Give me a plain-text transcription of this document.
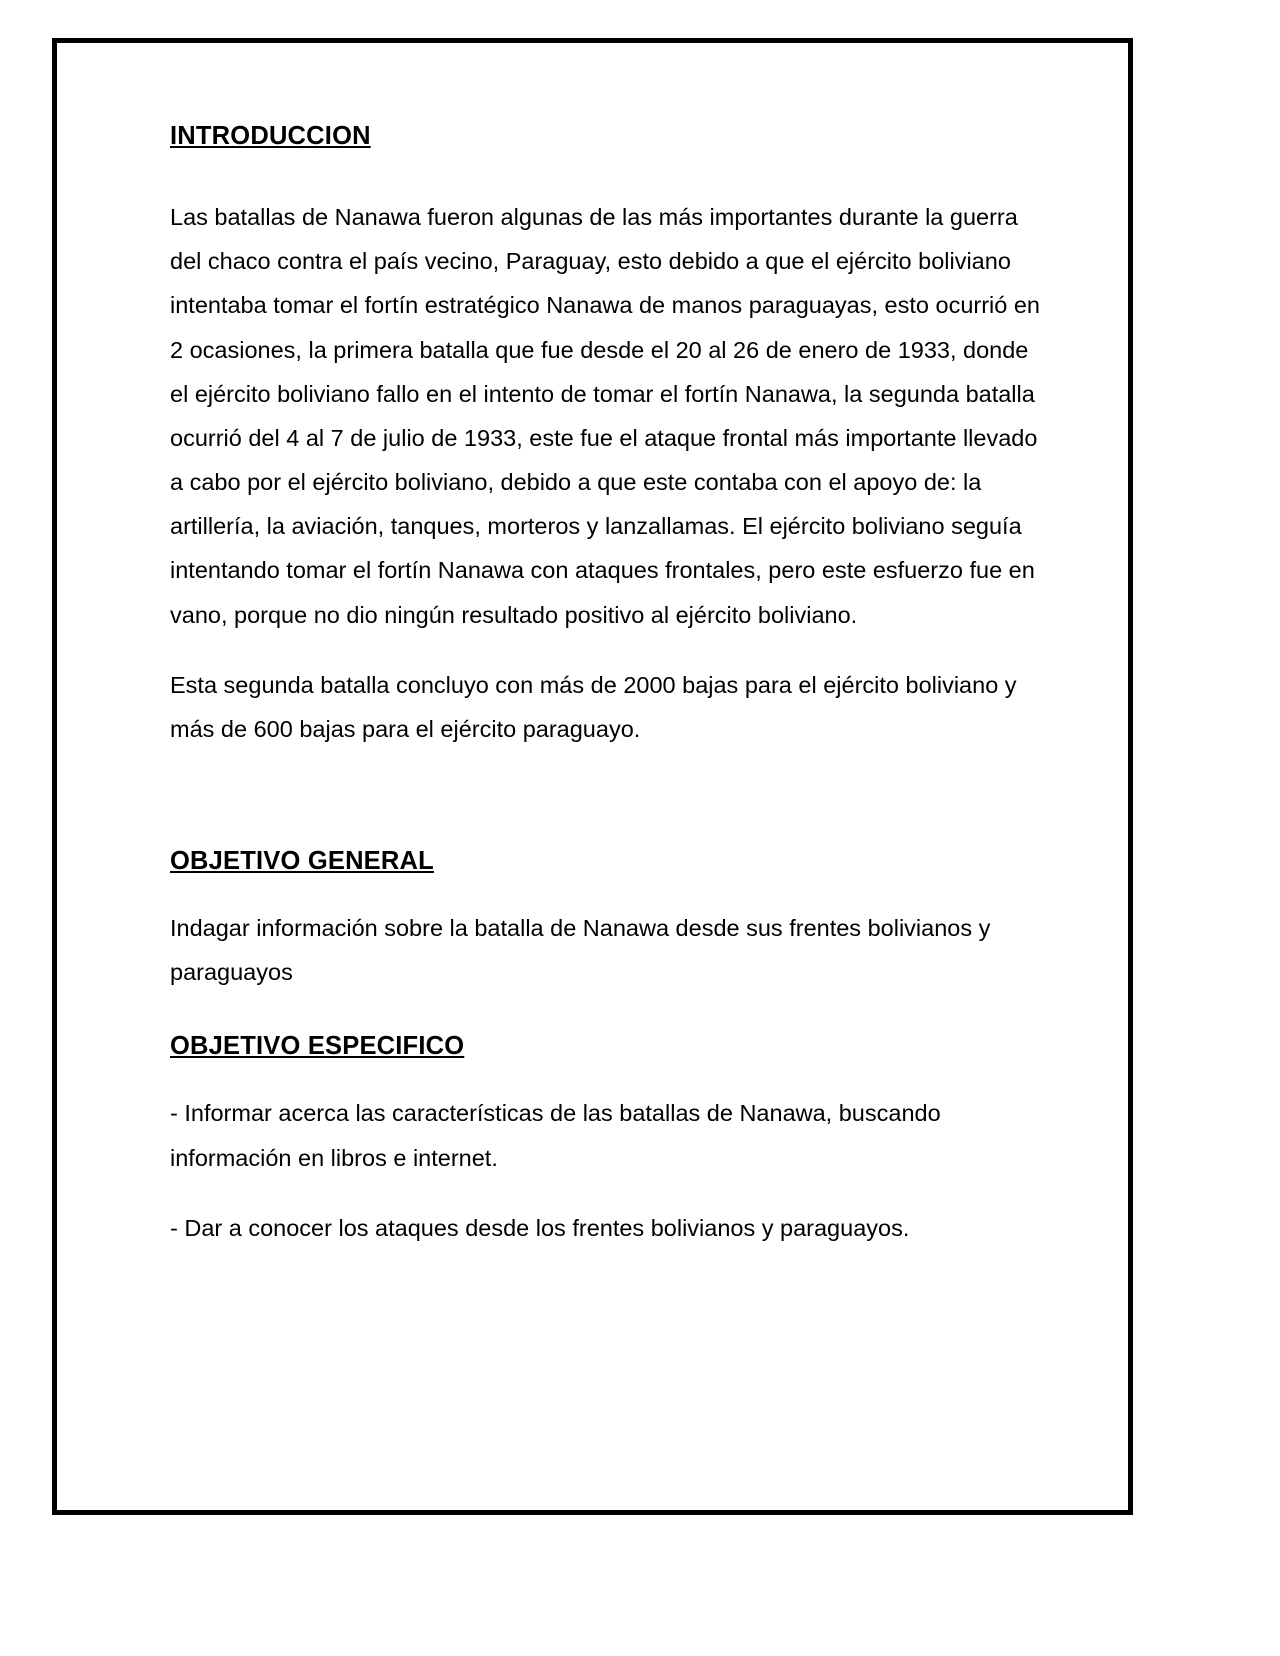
INTRODUCCION

Las batallas de Nanawa fueron algunas de las más importantes durante la guerra del chaco contra el país vecino, Paraguay, esto debido a que el ejército boliviano intentaba tomar el fortín estratégico Nanawa de manos paraguayas, esto ocurrió en 2 ocasiones, la primera batalla que fue desde el 20 al 26 de enero de 1933, donde el ejército boliviano fallo en el intento de tomar el fortín Nanawa, la segunda batalla ocurrió del 4 al 7 de julio de 1933, este fue el ataque frontal más importante llevado a cabo por el ejército boliviano, debido a que este contaba con el apoyo de: la artillería, la aviación, tanques, morteros y lanzallamas. El ejército boliviano seguía intentando tomar el fortín Nanawa con ataques frontales, pero este esfuerzo fue en vano, porque no dio ningún resultado positivo al ejército boliviano.

Esta segunda batalla concluyo con más de 2000 bajas para el ejército boliviano y más de 600 bajas para el ejército paraguayo.

OBJETIVO GENERAL

Indagar información sobre la batalla de Nanawa desde sus frentes bolivianos y paraguayos

OBJETIVO ESPECIFICO

- Informar acerca las características de las batallas de Nanawa, buscando información en libros e internet.

- Dar a conocer los ataques desde los frentes bolivianos y paraguayos.
